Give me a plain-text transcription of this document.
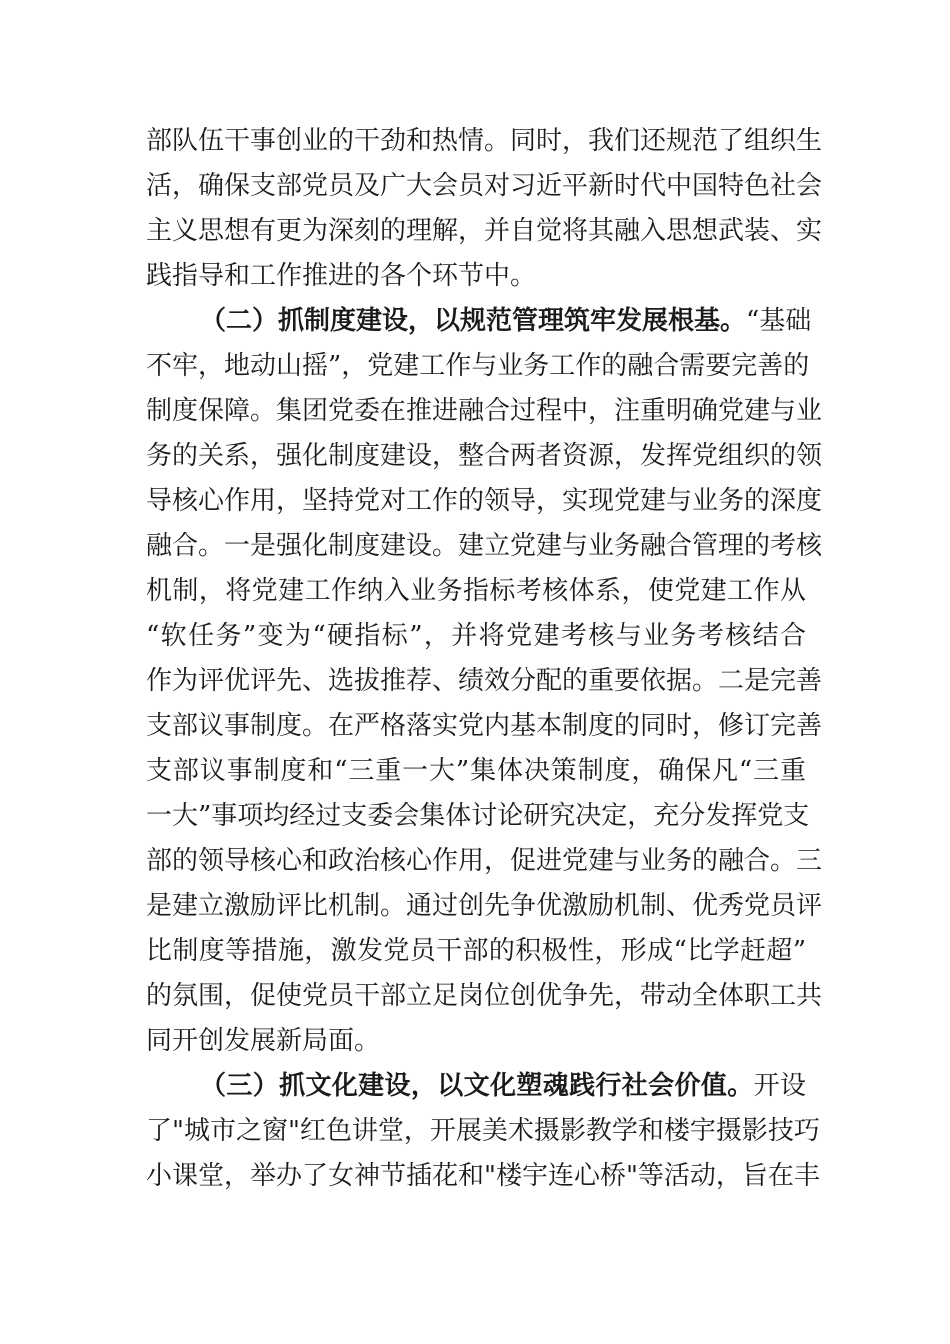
部队伍干事创业的干劲和热情。同时，我们还规范了组织生
活，确保支部党员及广大会员对习近平新时代中国特色社会
主义思想有更为深刻的理解，并自觉将其融入思想武装、实
践指导和工作推进的各个环节中。
（二）抓制度建设，以规范管理筑牢发展根基。“基础
不牢，地动山摇”，党建工作与业务工作的融合需要完善的
制度保障。集团党委在推进融合过程中，注重明确党建与业
务的关系，强化制度建设，整合两者资源，发挥党组织的领
导核心作用，坚持党对工作的领导，实现党建与业务的深度
融合。一是强化制度建设。建立党建与业务融合管理的考核
机制，将党建工作纳入业务指标考核体系，使党建工作从
“软任务”变为“硬指标”，并将党建考核与业务考核结合
作为评优评先、选拔推荐、绩效分配的重要依据。二是完善
支部议事制度。在严格落实党内基本制度的同时，修订完善
支部议事制度和“三重一大”集体决策制度，确保凡“三重
一大”事项均经过支委会集体讨论研究决定，充分发挥党支
部的领导核心和政治核心作用，促进党建与业务的融合。三
是建立激励评比机制。通过创先争优激励机制、优秀党员评
比制度等措施，激发党员干部的积极性，形成“比学赶超”
的氛围，促使党员干部立足岗位创优争先，带动全体职工共
同开创发展新局面。
（三）抓文化建设，以文化塑魂践行社会价值。开设
了"城市之窗"红色讲堂，开展美术摄影教学和楼宇摄影技巧
小课堂，举办了女神节插花和"楼宇连心桥"等活动，旨在丰
